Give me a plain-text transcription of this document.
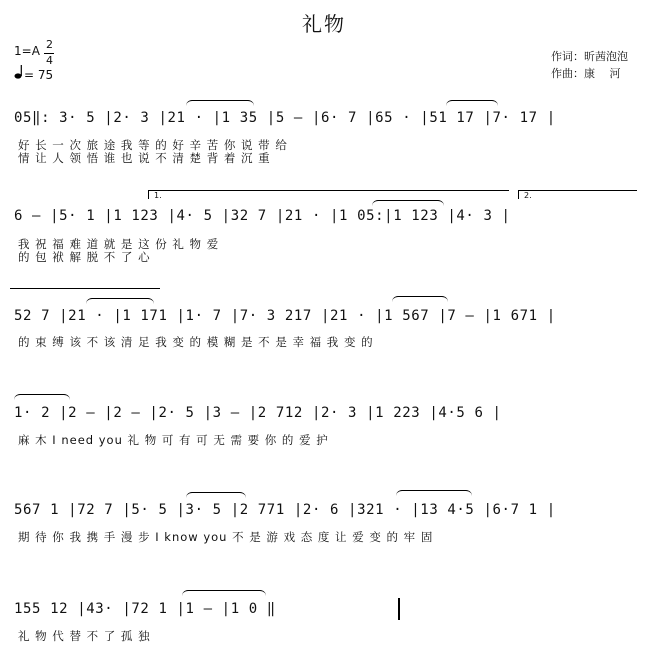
礼物
1=A 2
4
= 75
作词：昕茜泡泡
作曲：康　 河
05‖: 3· 5 |2· 3 |21 · |1 35 |5 — |6· 7 |65 · |51 17 |7· 17 |
好 长 一 次 旅 途 我 等 的 好 辛 苦 你 说 带 给
情 让 人 领 悟 谁 也 说 不 清 楚 背 着 沉 重
1.	2.
6 — |5· 1 |1 123 |4· 5 |32 7 |21 · |1 05:|1 123 |4· 3 |
我 祝 福 难 道 就 是 这 份 礼 物 爱
的 包 袱 解 脱 不 了 心
52 7 |21 · |1 171 |1· 7 |7· 3 217 |21 · |1 567 |7 — |1 671 |
的 束 缚 该 不 该 清 足 我 变 的 模 糊 是 不 是 幸 福 我 变 的
1· 2 |2 — |2 — |2· 5 |3 — |2 712 |2· 3 |1 223 |4·5 6 |
麻 木 I need you 礼 物 可 有 可 无 需 要 你 的 爱 护
567 1 |72 7 |5· 5 |3· 5 |2 771 |2· 6 |321 · |13 4·5 |6·7 1 |
期 待 你 我 携 手 漫 步 I know you 不 是 游 戏 态 度 让 爱 变 的 牢 固
155 12 |43· |72 1 |1 — |1 0 ‖
礼 物 代 替 不 了 孤 独
